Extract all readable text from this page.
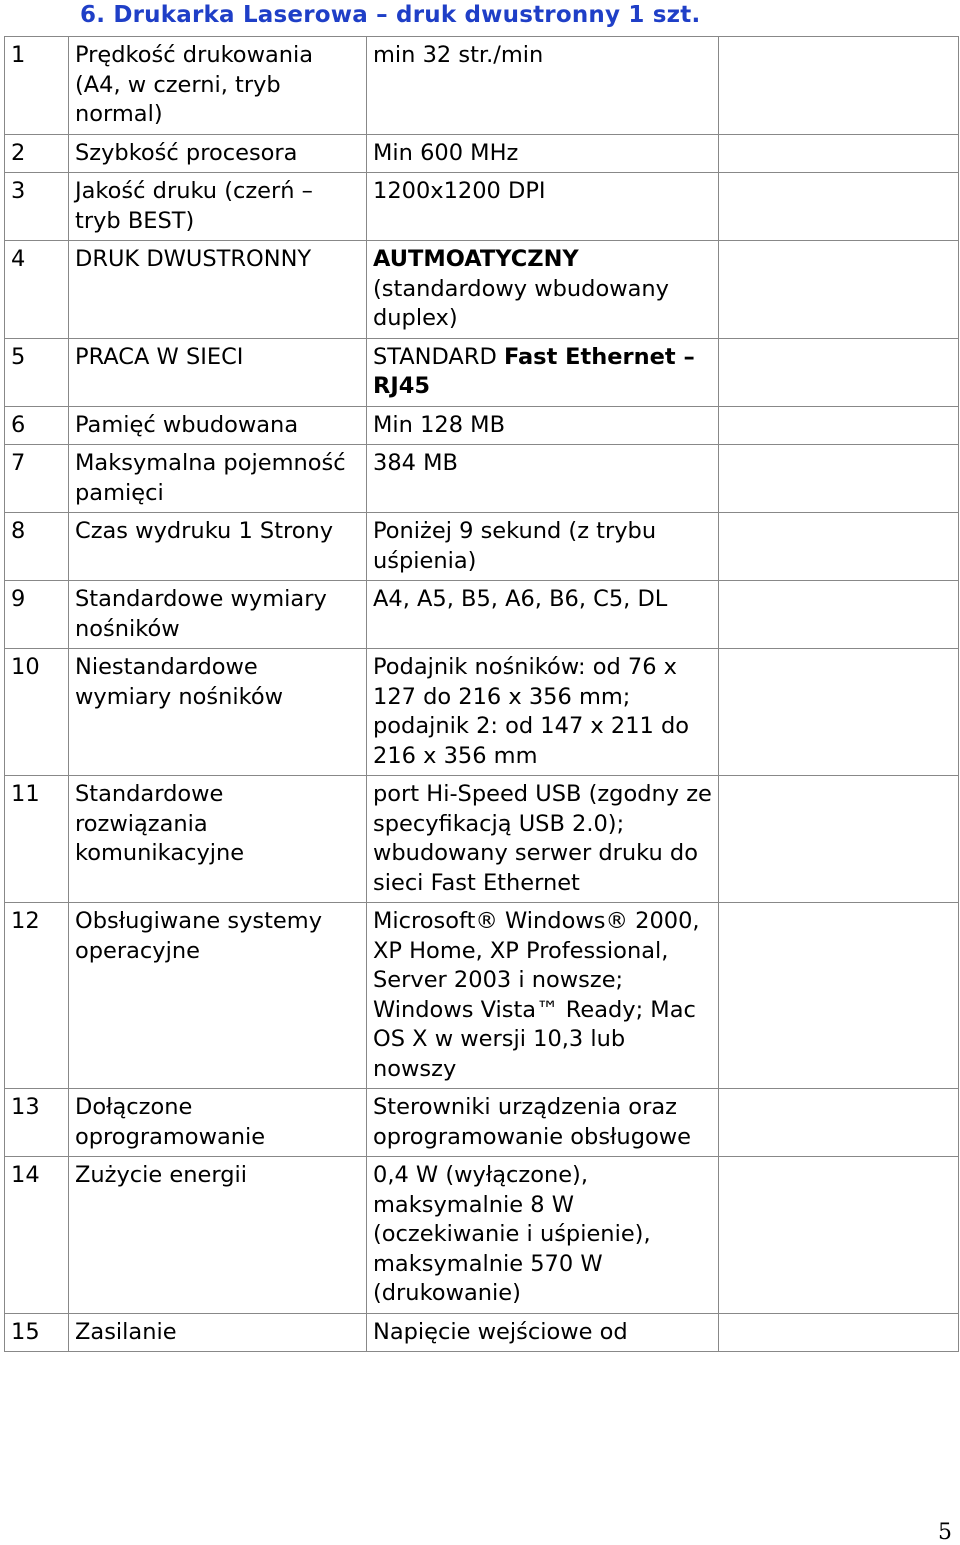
6. Drukarka Laserowa – druk dwustronny 1 szt.
1	Prędkość drukowania (A4, w czerni, tryb normal)	min 32 str./min	
2	Szybkość procesora	Min 600 MHz	
3	Jakość druku (czerń – tryb BEST)	1200x1200 DPI	
4	DRUK DWUSTRONNY	AUTMOATYCZNY (standardowy wbudowany duplex)	
5	PRACA W SIECI	STANDARD Fast Ethernet – RJ45	
6	Pamięć wbudowana	Min 128 MB	
7	Maksymalna pojemność pamięci	384 MB	
8	Czas wydruku 1 Strony	Poniżej 9 sekund (z trybu uśpienia)	
9	Standardowe wymiary nośników	A4, A5, B5, A6, B6, C5, DL	
10	Niestandardowe wymiary nośników	Podajnik nośników: od 76 x 127 do 216 x 356 mm; podajnik 2: od 147 x 211 do 216 x 356 mm	
11	Standardowe rozwiązania komunikacyjne	port Hi-Speed USB (zgodny ze specyfikacją USB 2.0); wbudowany serwer druku do sieci Fast Ethernet	
12	Obsługiwane systemy operacyjne	Microsoft® Windows® 2000, XP Home, XP Professional, Server 2003 i nowsze; Windows Vista™ Ready; Mac OS X w wersji 10,3 lub nowszy	
13	Dołączone oprogramowanie	Sterowniki urządzenia oraz oprogramowanie obsługowe	
14	Zużycie energii	0,4 W (wyłączone), maksymalnie 8 W (oczekiwanie i uśpienie), maksymalnie 570 W (drukowanie)	
15	Zasilanie	Napięcie wejściowe od	
5
